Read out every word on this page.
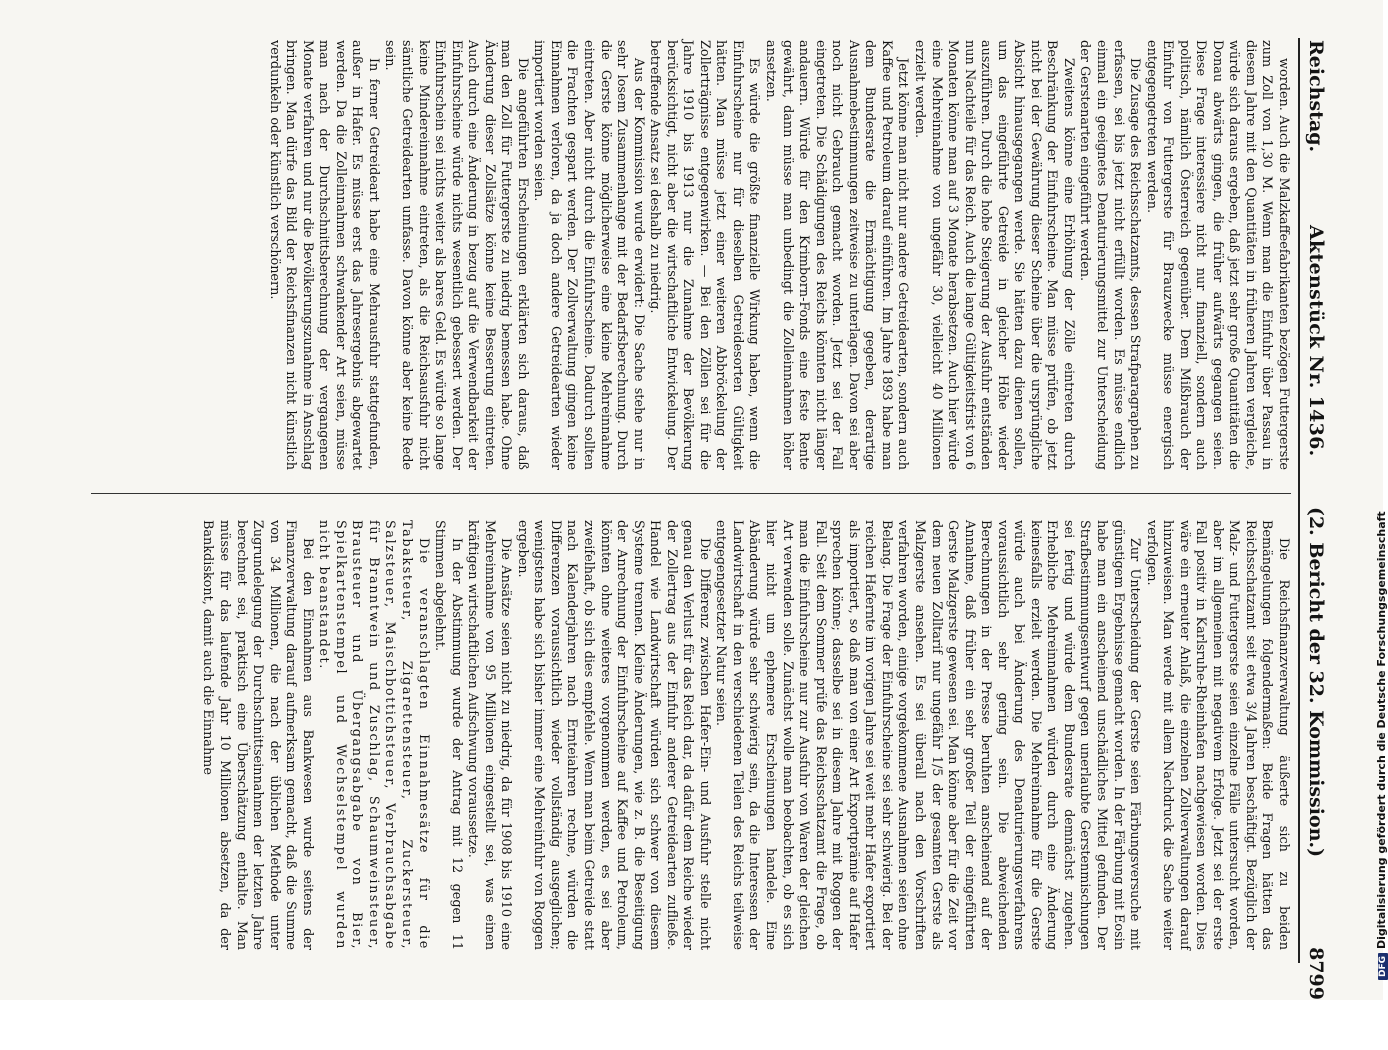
Reichstag.
Aktenstück Nr. 1436.
(2. Bericht der 32. Kommission.)8799

worden. Auch die Malzkaffeefabrikanten bezögen Futtergerste zum Zoll von 1,30 M. Wenn man die Einfuhr über Passau in diesem Jahre mit den Quantitäten in früheren Jahren vergleiche, würde sich daraus ergeben, daß jetzt sehr große Quantitäten die Donau abwärts gingen, die früher aufwärts gegangen seien. Diese Frage interessiere nicht nur finanziell, sondern auch politisch, nämlich Österreich gegenüber. Dem Mißbrauch der Einfuhr von Futtergerste für Brauzwecke müsse energisch entgegengetreten werden.

Die Zusage des Reichsschatzamts, dessen Strafparagraphen zu erfassen, sei bis jetzt nicht erfüllt worden. Es müsse endlich einmal ein geeignetes Denaturierungsmittel zur Unterscheidung der Gerstenarten eingeführt werden.

Zweitens könne eine Erhöhung der Zölle eintreten durch Beschränkung der Einfuhrscheine. Man müsse prüfen, ob jetzt nicht bei der Gewährung dieser Scheine über die ursprüngliche Absicht hinausgegangen werde. Sie hätten dazu dienen sollen, um das eingeführte Getreide in gleicher Höhe wieder auszuführen. Durch die hohe Steigerung der Ausfuhr entständen nun Nachteile für das Reich. Auch die lange Gültigkeitsfrist von 6 Monaten könne man auf 3 Monate herabsetzen. Auch hier würde eine Mehreinnahme von ungefähr 30, vielleicht 40 Millionen erzielt werden.

Jetzt könne man nicht nur andere Getreidearten, sondern auch Kaffee und Petroleum darauf einführen. Im Jahre 1893 habe man dem Bundesrate die Ermächtigung gegeben, derartige Ausnahmebestimmungen zeitweise zu unterlagen. Davon sei aber noch nicht Gebrauch gemacht worden. Jetzt sei der Fall eingetreten. Die Schädigungen des Reichs könnten nicht länger andauern. Würde für den Krimborn-Fonds eine feste Rente gewährt, dann müsse man unbedingt die Zolleinnahmen höher ansetzen.

Es würde die größte finanzielle Wirkung haben, wenn die Einfuhrscheine nur für dieselben Getreidesorten Gültigkeit hätten. Man müsse jetzt einer weiteren Abbröckelung der Zollerträgnisse entgegenwirken. — Bei den Zöllen sei für die Jahre 1910 bis 1913 nur die Zunahme der Bevölkerung berücksichtigt, nicht aber die wirtschaftliche Entwickelung. Der betreffende Ansatz sei deshalb zu niedrig.

Aus der Kommission wurde erwidert: Die Sache stehe nur in sehr losem Zusammenhange mit der Bedarfsberechnung. Durch die Gerste könne möglicherweise eine kleine Mehreinnahme eintreten. Aber nicht durch die Einfuhrscheine. Dadurch sollten die Frachten gespart werden. Der Zollverwaltung gingen keine Einnahmen verloren, da ja doch andere Getreidearten wieder importiert worden seien.

Die angeführten Erscheinungen erklärten sich daraus, daß man den Zoll für Futtergerste zu niedrig bemessen habe. Ohne Änderung dieser Zollsätze könne keine Besserung eintreten. Auch durch eine Änderung in bezug auf die Verwendbarkeit der Einfuhrscheine würde nichts wesentlich gebessert werden. Der Einfuhrschein sei nichts weiter als bares Geld. Es würde so lange keine Mindereinnahme eintreten, als die Reichsausfuhr nicht sämtliche Getreidearten umfasse. Davon könne aber keine Rede sein.

In ferner Getreideart habe eine Mehrausfuhr stattgefunden, außer in Hafer. Es müsse erst das Jahresergebnis abgewartet werden. Da die Zolleinnahmen schwankender Art seien, müsse man nach der Durchschnittsberechnung der vergangenen Monate verfahren und nur die Bevölkerungszunahme in Anschlag bringen. Man dürfe das Bild der Reichsfinanzen nicht künstlich verdunkeln oder künstlich verschönern.

Die Reichsfinanzverwaltung äußerte sich zu beiden Bemängelungen folgendermaßen: Beide Fragen hätten das Reichsschatzamt seit etwa 3/4 Jahren beschäftigt. Bezüglich der Malz- und Futtergerste seien einzelne Fälle untersucht worden, aber im allgemeinen mit negativem Erfolge. Jetzt sei der erste Fall positiv in Karlsruhe-Rheinhafen nachgewiesen worden. Dies wäre ein erneuter Anlaß, die einzelnen Zollverwaltungen darauf hinzuweisen. Man werde mit allem Nachdruck die Sache weiter verfolgen.

Zur Unterscheidung der Gerste seien Färbungsversuche mit günstigem Ergebnisse gemacht worden. In der Färbung mit Eosin habe man ein anscheinend unschädliches Mittel gefunden. Der Strafbestimmungsentwurf gegen unerlaubte Gerstenmischungen sei fertig und würde dem Bundesrate demnächst zugehen. Erhebliche Mehreinnahmen würden durch eine Änderung keinesfalls erzielt werden. Die Mehreinnahme für die Gerste würde auch bei Änderung des Denaturierungsverfahrens voraussichtlich sehr gering sein. Die abweichenden Berechnungen in der Presse beruhten anscheinend auf der Annahme, daß früher ein sehr großer Teil der eingeführten Gerste Malzgerste gewesen sei. Man könne aber für die Zeit vor dem neuen Zolltarif nur ungefähr 1/5 der gesamten Gerste als Malzgerste ansehen. Es sei überall nach den Vorschriften verfahren worden, einige vorgekommene Ausnahmen seien ohne Belang. Die Frage der Einfuhrscheine sei sehr schwierig. Bei der reichen Hafernte im vorigen Jahre sei weit mehr Hafer exportiert als importiert, so daß man von einer Art Exportprämie auf Hafer sprechen könne; dasselbe sei in diesem Jahre mit Roggen der Fall. Seit dem Sommer prüfe das Reichsschatzamt die Frage, ob man die Einfuhrscheine nur zur Ausfuhr von Waren der gleichen Art verwenden solle. Zunächst wolle man beobachten, ob es sich hier nicht um ephemere Erscheinungen handele. Eine Abänderung würde sehr schwierig sein, da die Interessen der Landwirtschaft in den verschiedenen Teilen des Reichs teilweise entgegengesetzter Natur seien.

Die Differenz zwischen Hafer-Ein- und Ausfuhr stelle nicht genau den Verlust für das Reich dar, da dafür dem Reiche wieder der Zollertrag aus der Einfuhr anderer Getreidearten zufließe. Handel wie Landwirtschaft würden sich schwer von diesem Systeme trennen. Kleine Änderungen, wie z. B. die Beseitigung der Anrechnung der Einfuhrscheine auf Kaffee und Petroleum, könnten ohne weiteres vorgenommen werden, es sei aber zweifelhaft, ob sich dies empfehle. Wenn man beim Getreide statt nach Kalenderjahren nach Ernteiahren rechne, würden die Differenzen voraussichtlich wieder vollständig ausgeglichen; wenigstens habe sich bisher immer eine Mehreinfuhr von Roggen ergeben.

Die Ansätze seien nicht zu niedrig, da für 1908 bis 1910 eine Mehreinnahme von 95 Millionen eingestellt sei, was einen kräftigen wirtschaftlichen Aufschwung voraussetze.

In der Abstimmung wurde der Antrag mit 12 gegen 11 Stimmen abgelehnt.

Die veranschlagten Einnahmesätze für die Tabaksteuer, Zigarettensteuer, Zuckersteuer, Salzsteuer, Maischbottichsteuer, Verbrauchsabgabe für Branntwein und Zuschlag, Schaumweinsteuer, Brausteuer und Übergangsabgabe von Bier, Spielkartenstempel und Wechselstempel wurden nicht beanstandet.

Bei den Einnahmen aus Bankwesen wurde seitens der Finanzverwaltung darauf aufmerksam gemacht, daß die Summe von 34 Millionen, die nach der üblichen Methode unter Zugrundelegung der Durchschnittseinnahmen der letzten Jahre berechnet sei, praktisch eine Überschätzung enthalte. Man müsse für das laufende Jahr 10 Millionen absetzen, da der Bankdiskont, damit auch die Einnahme

DFGDigitalisierung gefördert durch die Deutsche Forschungsgemeinschaft
